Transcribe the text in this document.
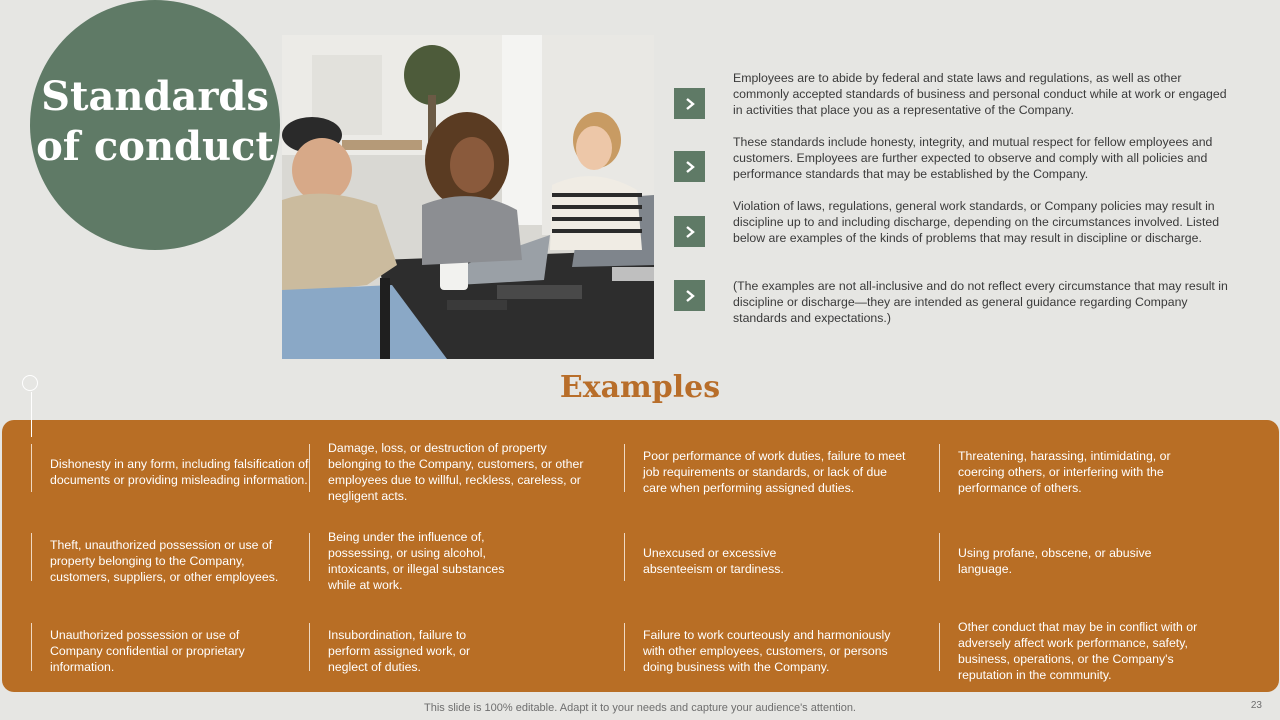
Standards
of conduct
Employees are to abide by federal and state laws and regulations, as well as other commonly accepted standards of business and personal conduct while at work or engaged in activities that place you as a representative of the Company.
These standards include honesty, integrity, and mutual respect for fellow employees and customers. Employees are further expected to observe and comply with all policies and performance standards that may be established by the Company.
Violation of laws, regulations, general work standards, or Company policies may result in discipline up to and including discharge, depending on the circumstances involved. Listed below are examples of the kinds of problems that may result in discipline or discharge.
(The examples are not all-inclusive and do not reflect every circumstance that may result in discipline or discharge—they are intended as general guidance regarding Company standards and expectations.)
Examples
Dishonesty in any form, including falsification of documents or providing misleading information.
Damage, loss, or destruction of property belonging to the Company, customers, or other employees due to willful, reckless, careless, or negligent acts.
Poor performance of work duties, failure to meet job requirements or standards, or lack of due care when performing assigned duties.
Threatening, harassing, intimidating, or coercing others, or interfering with the performance of others.
Theft, unauthorized possession or use of property belonging to the Company, customers, suppliers, or other employees.
Being under the influence of, possessing, or using alcohol, intoxicants, or illegal substances while at work.
Unexcused or excessive absenteeism or tardiness.
Using profane, obscene, or abusive language.
Unauthorized possession or use of Company confidential or proprietary information.
Insubordination, failure to perform assigned work, or neglect of duties.
Failure to work courteously and harmoniously with other employees, customers, or persons doing business with the Company.
Other conduct that may be in conflict with or adversely affect work performance, safety, business, operations, or the Company's reputation in the community.
This slide is 100% editable. Adapt it to your needs and capture your audience's attention.	23
